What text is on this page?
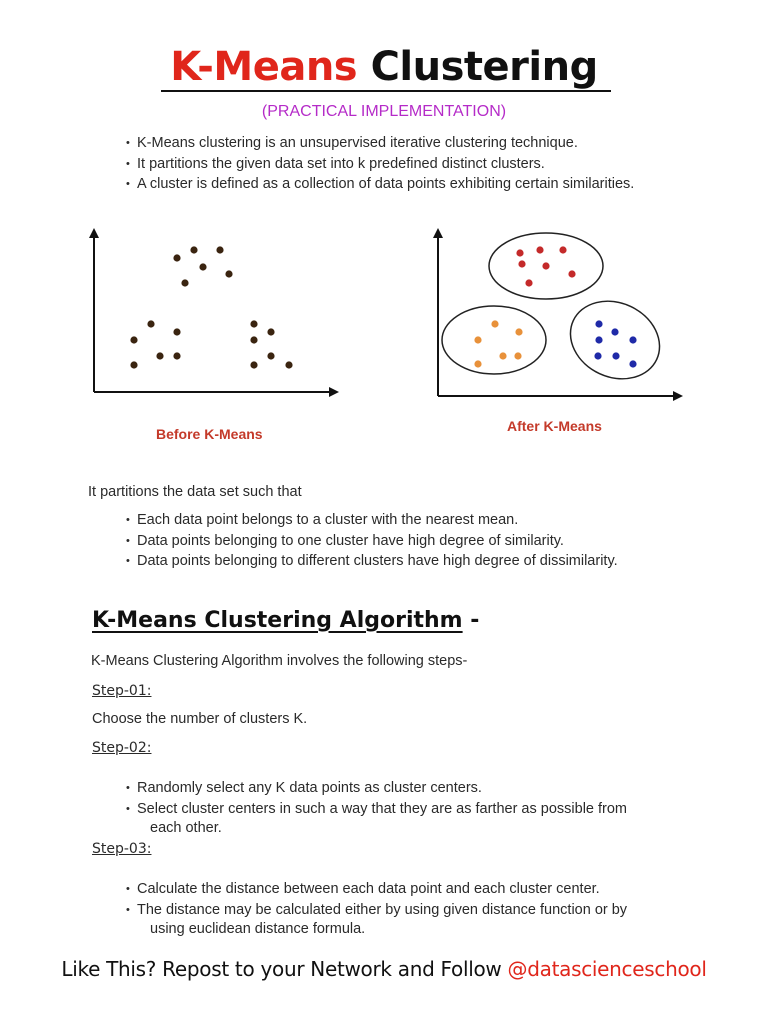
K-Means Clustering
(PRACTICAL IMPLEMENTATION)
• K-Means clustering is an unsupervised iterative clustering technique.
• It partitions the given data set into k predefined distinct clusters.
• A cluster is defined as a collection of data points exhibiting certain similarities.
Before K-Means	After K-Means
It partitions the data set such that
• Each data point belongs to a cluster with the nearest mean.
• Data points belonging to one cluster have high degree of similarity.
• Data points belonging to different clusters have high degree of dissimilarity.
K-Means Clustering Algorithm -
K-Means Clustering Algorithm involves the following steps-
Step-01:
Choose the number of clusters K.
Step-02:
• Randomly select any K data points as cluster centers.
• Select cluster centers in such a way that they are as farther as possible from
each other.
Step-03:
• Calculate the distance between each data point and each cluster center.
• The distance may be calculated either by using given distance function or by
using euclidean distance formula.
Like This? Repost to your Network and Follow @datascienceschool
